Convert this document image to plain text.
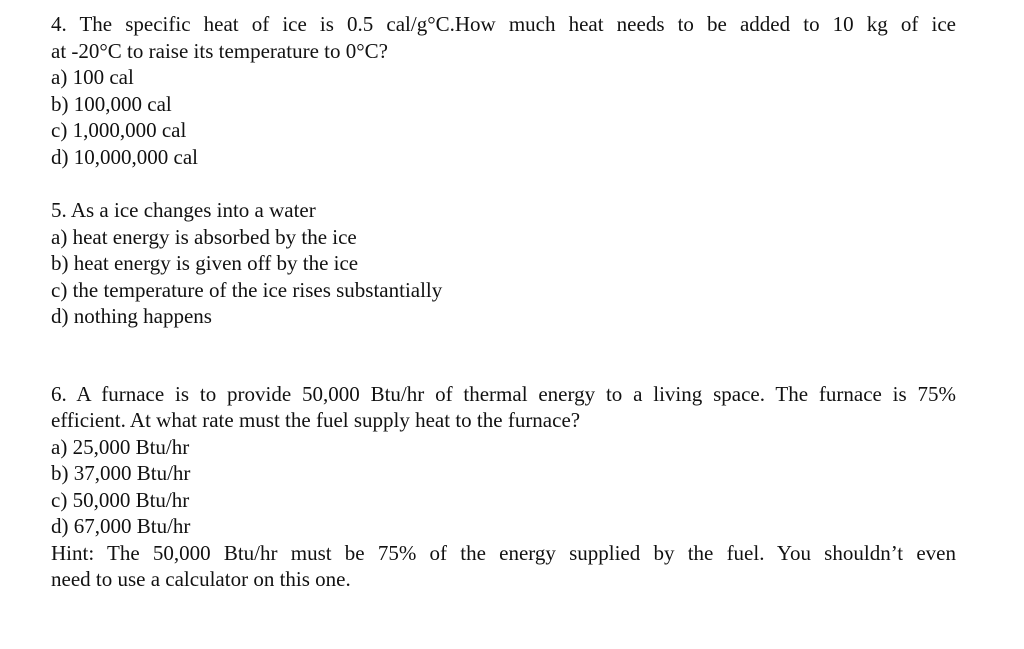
4. The specific heat of ice is 0.5 cal/g°C.How much heat needs to be added to 10 kg of ice
at -20°C to raise its temperature to 0°C?
a) 100 cal
b) 100,000 cal
c) 1,000,000 cal
d) 10,000,000 cal
5. As a ice changes into a water
a) heat energy is absorbed by the ice
b) heat energy is given off by the ice
c) the temperature of the ice rises substantially
d) nothing happens
6. A furnace is to provide 50,000 Btu/hr of thermal energy to a living space. The furnace is 75%
efficient. At what rate must the fuel supply heat to the furnace?
a) 25,000 Btu/hr
b) 37,000 Btu/hr
c) 50,000 Btu/hr
d) 67,000 Btu/hr
Hint: The 50,000 Btu/hr must be 75% of the energy supplied by the fuel. You shouldn’t even
need to use a calculator on this one.
